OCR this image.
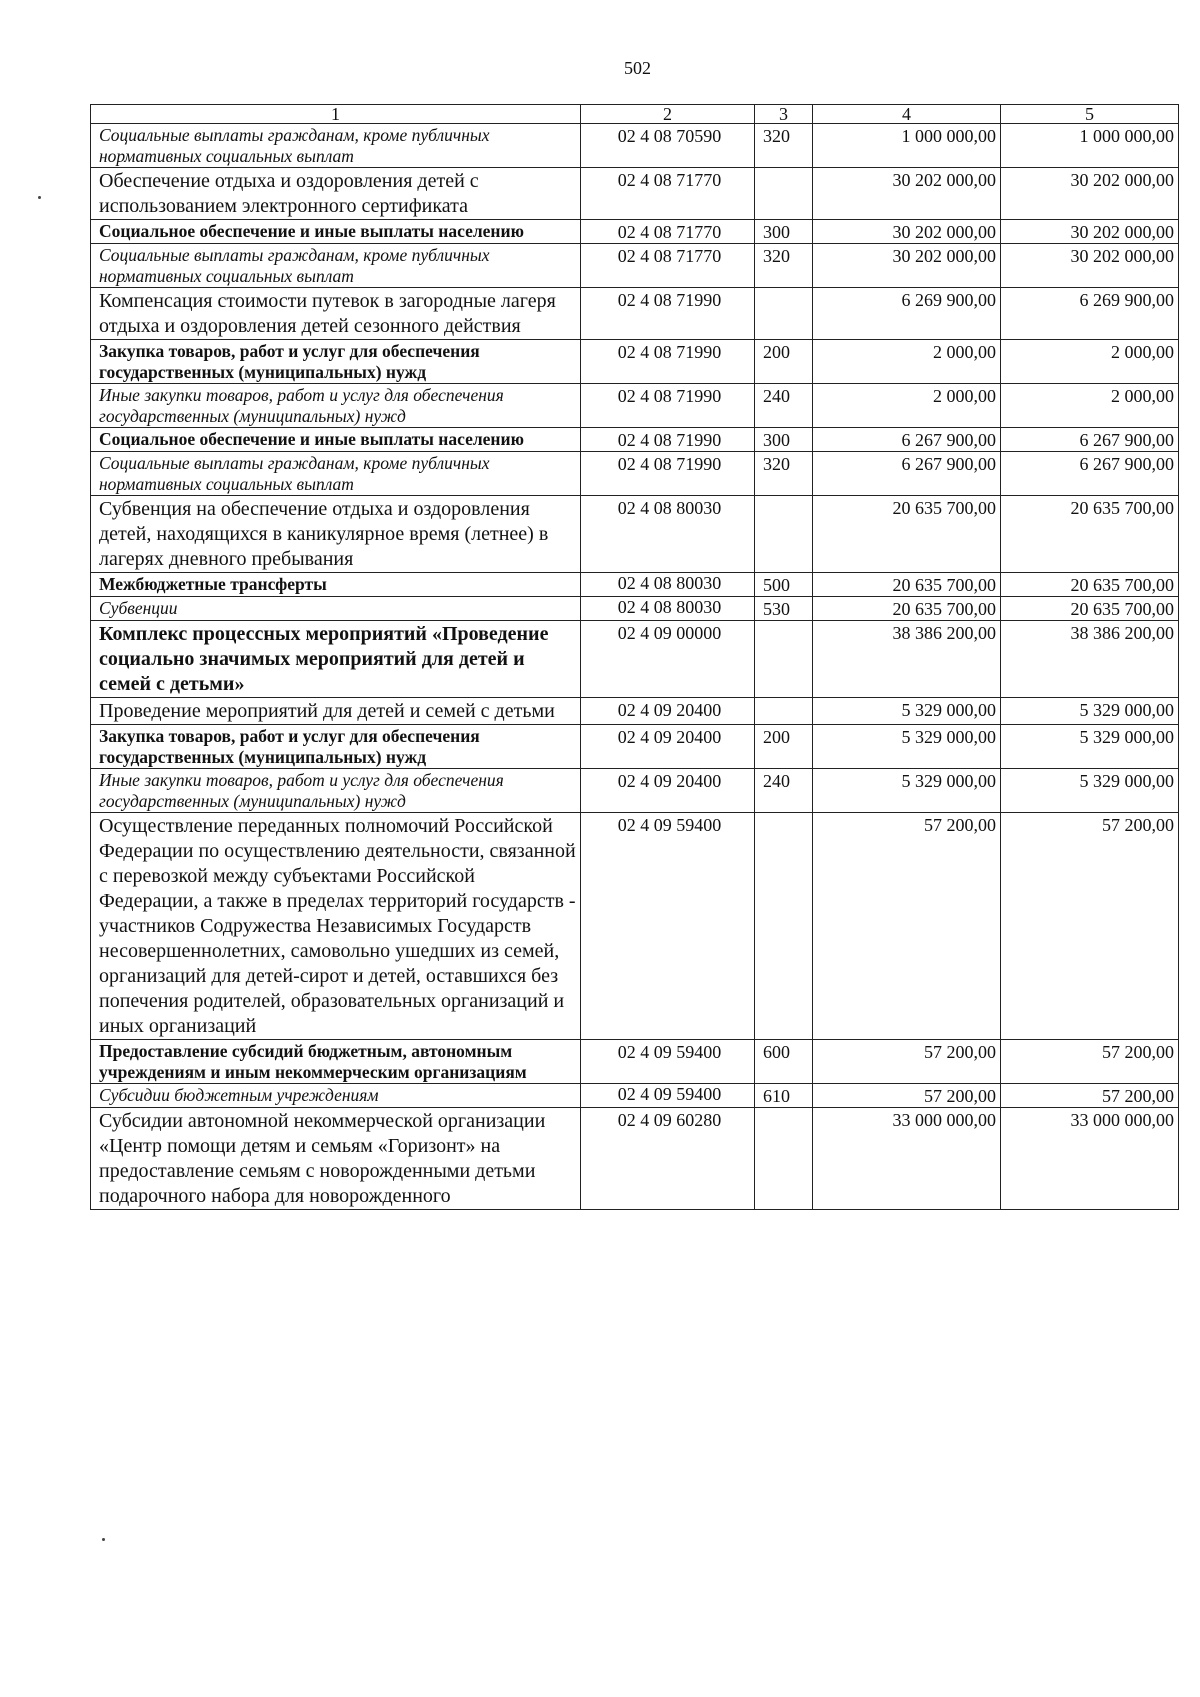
502
1	2	3	4	5
Социальные выплаты гражданам, кроме публичных нормативных социальных выплат	02 4 08 70590	320	1 000 000,00	1 000 000,00
Обеспечение отдыха и оздоровления детей с использованием электронного сертификата	02 4 08 71770		30 202 000,00	30 202 000,00
Социальное обеспечение и иные выплаты населению	02 4 08 71770	300	30 202 000,00	30 202 000,00
Социальные выплаты гражданам, кроме публичных нормативных социальных выплат	02 4 08 71770	320	30 202 000,00	30 202 000,00
Компенсация стоимости путевок в загородные лагеря отдыха и оздоровления детей сезонного действия	02 4 08 71990		6 269 900,00	6 269 900,00
Закупка товаров, работ и услуг для обеспечения государственных (муниципальных) нужд	02 4 08 71990	200	2 000,00	2 000,00
Иные закупки товаров, работ и услуг для обеспечения государственных (муниципальных) нужд	02 4 08 71990	240	2 000,00	2 000,00
Социальное обеспечение и иные выплаты населению	02 4 08 71990	300	6 267 900,00	6 267 900,00
Социальные выплаты гражданам, кроме публичных нормативных социальных выплат	02 4 08 71990	320	6 267 900,00	6 267 900,00
Субвенция на обеспечение отдыха и оздоровления детей, находящихся в каникулярное время (летнее) в лагерях дневного пребывания	02 4 08 80030		20 635 700,00	20 635 700,00
Межбюджетные трансферты	02 4 08 80030	500	20 635 700,00	20 635 700,00
Субвенции	02 4 08 80030	530	20 635 700,00	20 635 700,00
Комплекс процессных мероприятий «Проведение социально значимых мероприятий для детей и семей с детьми»	02 4 09 00000		38 386 200,00	38 386 200,00
Проведение мероприятий для детей и семей с детьми	02 4 09 20400		5 329 000,00	5 329 000,00
Закупка товаров, работ и услуг для обеспечения государственных (муниципальных) нужд	02 4 09 20400	200	5 329 000,00	5 329 000,00
Иные закупки товаров, работ и услуг для обеспечения государственных (муниципальных) нужд	02 4 09 20400	240	5 329 000,00	5 329 000,00
Осуществление переданных полномочий Российской Федерации по осуществлению деятельности, связанной с перевозкой между субъектами Российской Федерации, а также в пределах территорий государств - участников Содружества Независимых Государств несовершеннолетних, самовольно ушедших из семей, организаций для детей-сирот и детей, оставшихся без попечения родителей, образовательных организаций и иных организаций	02 4 09 59400		57 200,00	57 200,00
Предоставление субсидий бюджетным, автономным учреждениям и иным некоммерческим организациям	02 4 09 59400	600	57 200,00	57 200,00
Субсидии бюджетным учреждениям	02 4 09 59400	610	57 200,00	57 200,00
Субсидии автономной некоммерческой организации «Центр помощи детям и семьям «Горизонт» на предоставление семьям с новорожденными детьми подарочного набора для новорожденного	02 4 09 60280		33 000 000,00	33 000 000,00
